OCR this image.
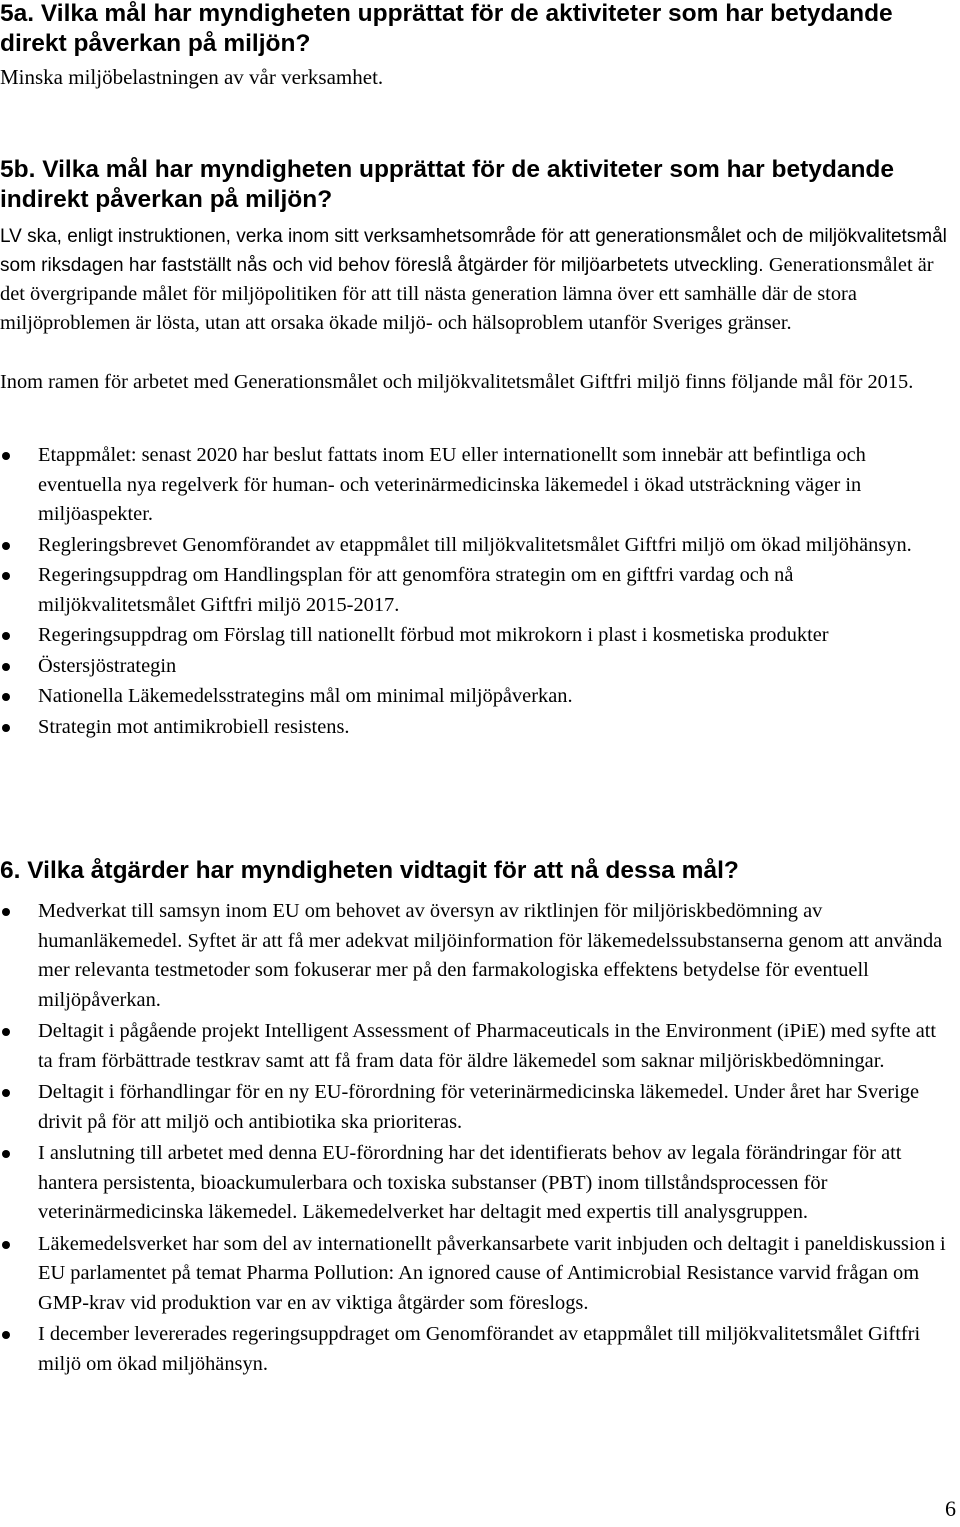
5a. Vilka mål har myndigheten upprättat för de aktiviteter som har betydande direkt påverkan på miljön?

Minska miljöbelastningen av vår verksamhet.

5b. Vilka mål har myndigheten upprättat för de aktiviteter som har betydande indirekt påverkan på miljön?

LV ska, enligt instruktionen, verka inom sitt verksamhetsområde för att generationsmålet och de miljökvalitetsmål som riksdagen har fastställt nås och vid behov föreslå åtgärder för miljöarbetets utveckling. Generationsmålet är det övergripande målet för miljöpolitiken för att till nästa generation lämna över ett samhälle där de stora miljöproblemen är lösta, utan att orsaka ökade miljö- och hälsoproblem utanför Sveriges gränser.

Inom ramen för arbetet med Generationsmålet och miljökvalitetsmålet Giftfri miljö finns följande mål för 2015.

Etappmålet: senast 2020 har beslut fattats inom EU eller internationellt som innebär att befintliga och eventuella nya regelverk för human- och veterinärmedicinska läkemedel i ökad utsträckning väger in miljöaspekter.
Regleringsbrevet Genomförandet av etappmålet till miljökvalitetsmålet Giftfri miljö om ökad miljöhänsyn.
Regeringsuppdrag om Handlingsplan för att genomföra strategin om en giftfri vardag och nå miljökvalitetsmålet Giftfri miljö 2015-2017.
Regeringsuppdrag om Förslag till nationellt förbud mot mikrokorn i plast i kosmetiska produkter
Östersjöstrategin
Nationella Läkemedelsstrategins mål om minimal miljöpåverkan.
Strategin mot antimikrobiell resistens.
6. Vilka åtgärder har myndigheten vidtagit för att nå dessa mål?
Medverkat till samsyn inom EU om behovet av översyn av riktlinjen för miljöriskbedömning av humanläkemedel. Syftet är att få mer adekvat miljöinformation för läkemedelssubstanserna genom att använda mer relevanta testmetoder som fokuserar mer på den farmakologiska effektens betydelse för eventuell miljöpåverkan.
Deltagit i pågående projekt Intelligent Assessment of Pharmaceuticals in the Environment (iPiE) med syfte att ta fram förbättrade testkrav samt att få fram data för äldre läkemedel som saknar miljöriskbedömningar.
Deltagit i förhandlingar för en ny EU-förordning för veterinärmedicinska läkemedel. Under året har Sverige drivit på för att miljö och antibiotika ska prioriteras.
I anslutning till arbetet med denna EU-förordning har det identifierats behov av legala förändringar för att hantera persistenta, bioackumulerbara och toxiska substanser (PBT) inom tillståndsprocessen för veterinärmedicinska läkemedel. Läkemedelverket har deltagit med expertis till analysgruppen.
Läkemedelsverket har som del av internationellt påverkansarbete varit inbjuden och deltagit i paneldiskussion i EU parlamentet på temat Pharma Pollution: An ignored cause of Antimicrobial Resistance varvid frågan om GMP-krav vid produktion var en av viktiga åtgärder som föreslogs.
I december levererades regeringsuppdraget om Genomförandet av etappmålet till miljökvalitetsmålet Giftfri miljö om ökad miljöhänsyn.
6
